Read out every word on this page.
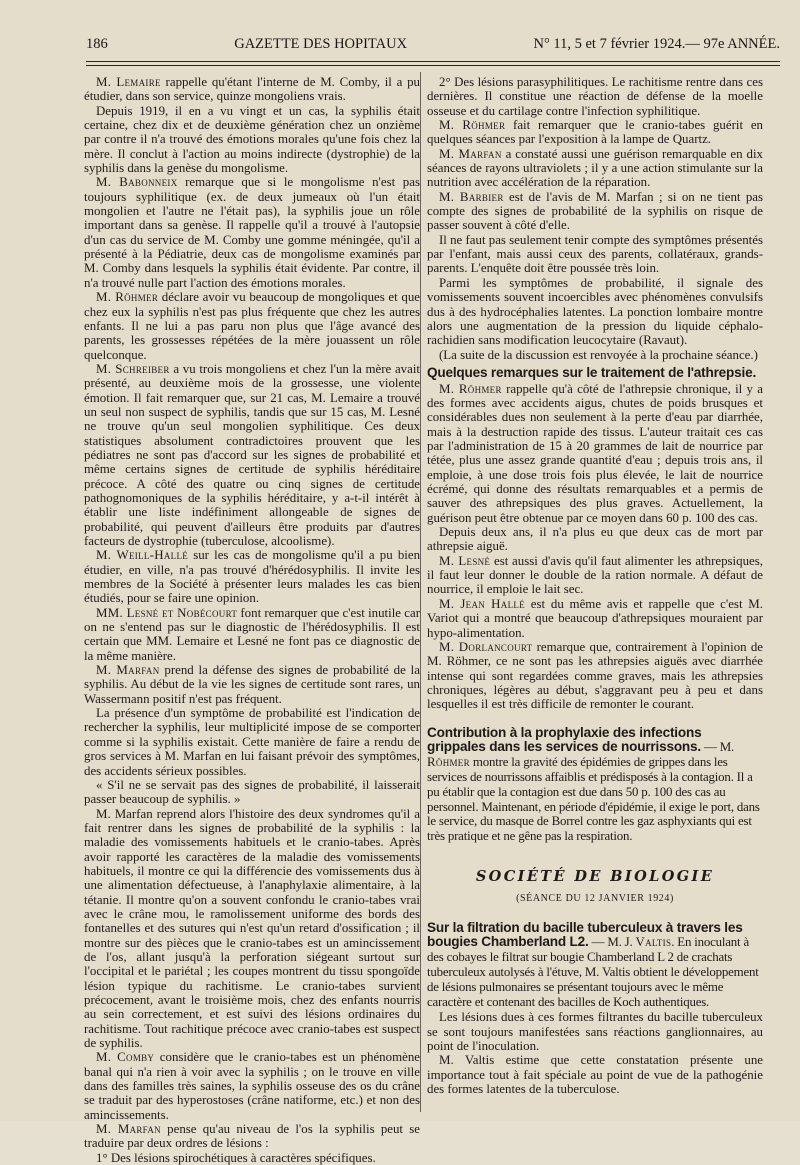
186	GAZETTE DES HOPITAUX	N° 11, 5 et 7 février 1924.— 97e ANNÉE.

M. Lemaire rappelle qu'étant l'interne de M. Comby, il a pu étudier, dans son service, quinze mongoliens vrais.

Depuis 1919, il en a vu vingt et un cas, la syphilis était certaine, chez dix et de deuxième génération chez un onzième par contre il n'a trouvé des émotions morales qu'une fois chez la mère. Il conclut à l'action au moins indirecte (dystrophie) de la syphilis dans la genèse du mongolisme.

M. Babonneix remarque que si le mongolisme n'est pas toujours syphilitique (ex. de deux jumeaux où l'un était mongolien et l'autre ne l'était pas), la syphilis joue un rôle important dans sa genèse. Il rappelle qu'il a trouvé à l'autopsie d'un cas du service de M. Comby une gomme méningée, qu'il a présenté à la Pédiatrie, deux cas de mongolisme examinés par M. Comby dans lesquels la syphilis était évidente. Par contre, il n'a trouvé nulle part l'action des émotions morales.

M. Röhmer déclare avoir vu beaucoup de mongoliques et que chez eux la syphilis n'est pas plus fréquente que chez les autres enfants. Il ne lui a pas paru non plus que l'âge avancé des parents, les grossesses répétées de la mère jouassent un rôle quelconque.

M. Schreiber a vu trois mongoliens et chez l'un la mère avait présenté, au deuxième mois de la grossesse, une violente émotion. Il fait remarquer que, sur 21 cas, M. Lemaire a trouvé un seul non suspect de syphilis, tandis que sur 15 cas, M. Lesné ne trouve qu'un seul mongolien syphilitique. Ces deux statistiques absolument contradictoires prouvent que les pédiatres ne sont pas d'accord sur les signes de probabilité et même certains signes de certitude de syphilis héréditaire précoce. A côté des quatre ou cinq signes de certitude pathognomoniques de la syphilis héréditaire, y a-t-il intérêt à établir une liste indéfiniment allongeable de signes de probabilité, qui peuvent d'ailleurs être produits par d'autres facteurs de dystrophie (tuberculose, alcoolisme).

M. Weill-Hallé sur les cas de mongolisme qu'il a pu bien étudier, en ville, n'a pas trouvé d'hérédosyphilis. Il invite les membres de la Société à présenter leurs malades les cas bien étudiés, pour se faire une opinion.

MM. Lesné et Nobécourt font remarquer que c'est inutile car on ne s'entend pas sur le diagnostic de l'hérédosyphilis. Il est certain que MM. Lemaire et Lesné ne font pas ce diagnostic de la même manière.

M. Marfan prend la défense des signes de probabilité de la syphilis. Au début de la vie les signes de certitude sont rares, un Wassermann positif n'est pas fréquent.

La présence d'un symptôme de probabilité est l'indication de rechercher la syphilis, leur multiplicité impose de se comporter comme si la syphilis existait. Cette manière de faire a rendu de gros services à M. Marfan en lui faisant prévoir des symptômes, des accidents sérieux possibles.

« S'il ne se servait pas des signes de probabilité, il laisserait passer beaucoup de syphilis. »

M. Marfan reprend alors l'histoire des deux syndromes qu'il a fait rentrer dans les signes de probabilité de la syphilis : la maladie des vomissements habituels et le cranio-tabes. Après avoir rapporté les caractères de la maladie des vomissements habituels, il montre ce qui la différencie des vomissements dus à une alimentation défectueuse, à l'anaphylaxie alimentaire, à la tétanie. Il montre qu'on a souvent confondu le cranio-tabes vrai avec le crâne mou, le ramolissement uniforme des bords des fontanelles et des sutures qui n'est qu'un retard d'ossification ; il montre sur des pièces que le cranio-tabes est un amincissement de l'os, allant jusqu'à la perforation siégeant surtout sur l'occipital et le pariétal ; les coupes montrent du tissu spongoïde lésion typique du rachitisme. Le cranio-tabes survient précocement, avant le troisième mois, chez des enfants nourris au sein correctement, et est suivi des lésions ordinaires du rachitisme. Tout rachitique précoce avec cranio-tabes est suspect de syphilis.

M. Comby considère que le cranio-tabes est un phénomène banal qui n'a rien à voir avec la syphilis ; on le trouve en ville dans des familles très saines, la syphilis osseuse des os du crâne se traduit par des hyperostoses (crâne natiforme, etc.) et non des amincissements.

M. Marfan pense qu'au niveau de l'os la syphilis peut se traduire par deux ordres de lésions :

1° Des lésions spirochétiques à caractères spécifiques.

2° Des lésions parasyphilitiques. Le rachitisme rentre dans ces dernières. Il constitue une réaction de défense de la moelle osseuse et du cartilage contre l'infection syphilitique.

M. Röhmer fait remarquer que le cranio-tabes guérit en quelques séances par l'exposition à la lampe de Quartz.

M. Marfan a constaté aussi une guérison remarquable en dix séances de rayons ultraviolets ; il y a une action stimulante sur la nutrition avec accélération de la réparation.

M. Barbier est de l'avis de M. Marfan ; si on ne tient pas compte des signes de probabilité de la syphilis on risque de passer souvent à côté d'elle.

Il ne faut pas seulement tenir compte des symptômes présentés par l'enfant, mais aussi ceux des parents, collatéraux, grands-parents. L'enquête doit être poussée très loin.

Parmi les symptômes de probabilité, il signale des vomissements souvent incoercibles avec phénomènes convulsifs dus à des hydrocéphalies latentes. La ponction lombaire montre alors une augmentation de la pression du liquide céphalo-rachidien sans modification leucocytaire (Ravaut).

(La suite de la discussion est renvoyée à la prochaine séance.)

Quelques remarques sur le traitement de l'athrepsie.

M. Röhmer rappelle qu'à côté de l'athrepsie chronique, il y a des formes avec accidents aigus, chutes de poids brusques et considérables dues non seulement à la perte d'eau par diarrhée, mais à la destruction rapide des tissus. L'auteur traitait ces cas par l'administration de 15 à 20 grammes de lait de nourrice par tétée, plus une assez grande quantité d'eau ; depuis trois ans, il emploie, à une dose trois fois plus élevée, le lait de nourrice écrémé, qui donne des résultats remarquables et a permis de sauver des athrepsiques des plus graves. Actuellement, la guérison peut être obtenue par ce moyen dans 60 p. 100 des cas.

Depuis deux ans, il n'a plus eu que deux cas de mort par athrepsie aiguë.

M. Lesné est aussi d'avis qu'il faut alimenter les athrepsiques, il faut leur donner le double de la ration normale. A défaut de nourrice, il emploie le lait sec.

M. Jean Hallé est du même avis et rappelle que c'est M. Variot qui a montré que beaucoup d'athrepsiques mouraient par hypo-alimentation.

M. Dorlancourt remarque que, contrairement à l'opinion de M. Röhmer, ce ne sont pas les athrepsies aiguës avec diarrhée intense qui sont regardées comme graves, mais les athrepsies chroniques, légères au début, s'aggravant peu à peu et dans lesquelles il est très difficile de remonter le courant.

Contribution à la prophylaxie des infections grippales dans les services de nourrissons. — M. Röhmer montre la gravité des épidémies de grippes dans les services de nourrissons affaiblis et prédisposés à la contagion. Il a pu établir que la contagion est due dans 50 p. 100 des cas au personnel. Maintenant, en période d'épidémie, il exige le port, dans le service, du masque de Borrel contre les gaz asphyxiants qui est très pratique et ne gêne pas la respiration.
SOCIÉTÉ DE BIOLOGIE
(SÉANCE DU 12 JANVIER 1924)
Sur la filtration du bacille tuberculeux à travers les bougies Chamberland L2. — M. J. Valtis. En inoculant à des cobayes le filtrat sur bougie Chamberland L 2 de crachats tuberculeux autolysés à l'étuve, M. Valtis obtient le développement de lésions pulmonaires se présentant toujours avec le même caractère et contenant des bacilles de Koch authentiques.

Les lésions dues à ces formes filtrantes du bacille tuberculeux se sont toujours manifestées sans réactions ganglionnaires, au point de l'inoculation.

M. Valtis estime que cette constatation présente une importance tout à fait spéciale au point de vue de la pathogénie des formes latentes de la tuberculose.
